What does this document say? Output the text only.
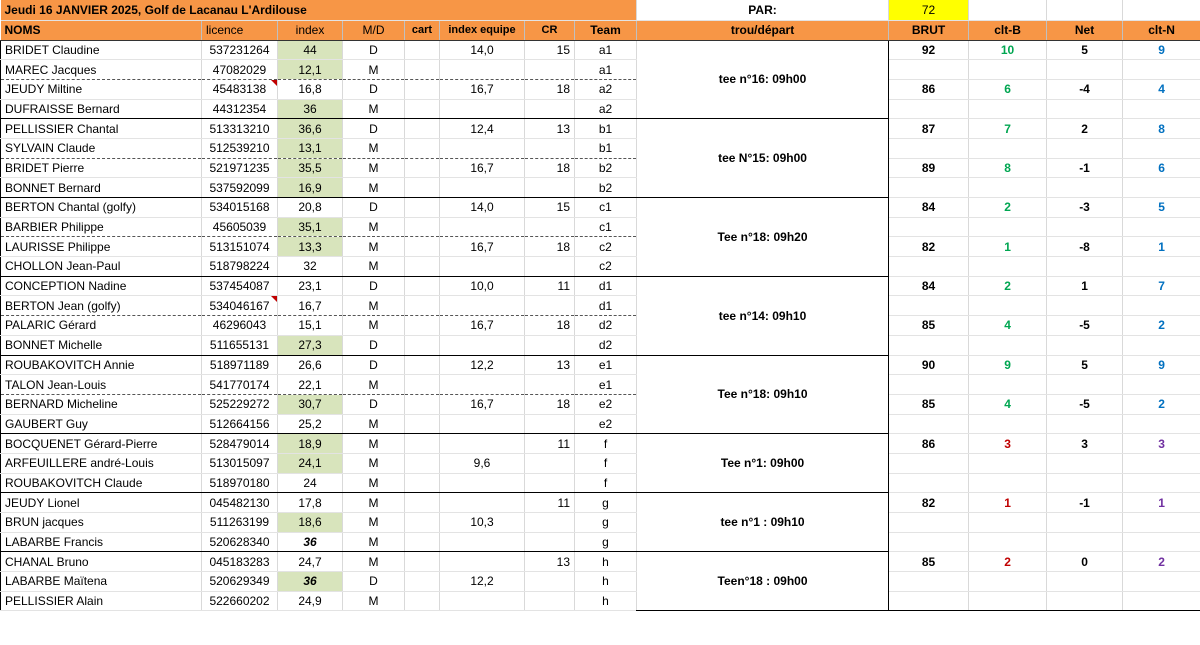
Jeudi 16 JANVIER 2025, Golf de Lacanau L'Ardilouse								PAR:	72			
NOMS	licence	index	M/D	cart	index equipe	CR	Team	trou/départ	BRUT	clt-B	Net	clt-N
BRIDET Claudine	537231264	44	D		14,0	15	a1	tee n°16: 09h00	92	10	5	9
MAREC Jacques	47082029	12,1	M				a1					
JEUDY Miltine	45483138	16,8	D		16,7	18	a2		86	6	-4	4
DUFRAISSE Bernard	44312354	36	M				a2					
PELLISSIER Chantal	513313210	36,6	D		12,4	13	b1	tee N°15: 09h00	87	7	2	8
SYLVAIN Claude	512539210	13,1	M				b1					
BRIDET Pierre	521971235	35,5	M		16,7	18	b2		89	8	-1	6
BONNET Bernard	537592099	16,9	M				b2					
BERTON Chantal (golfy)	534015168	20,8	D		14,0	15	c1	Tee n°18: 09h20	84	2	-3	5
BARBIER Philippe	45605039	35,1	M				c1					
LAURISSE Philippe	513151074	13,3	M		16,7	18	c2		82	1	-8	1
CHOLLON Jean-Paul	518798224	32	M				c2					
CONCEPTION Nadine	537454087	23,1	D		10,0	11	d1	tee n°14: 09h10	84	2	1	7
BERTON Jean (golfy)	534046167	16,7	M				d1					
PALARIC Gérard	46296043	15,1	M		16,7	18	d2		85	4	-5	2
BONNET Michelle	511655131	27,3	D				d2					
ROUBAKOVITCH Annie	518971189	26,6	D		12,2	13	e1	Tee n°18: 09h10	90	9	5	9
TALON Jean-Louis	541770174	22,1	M				e1					
BERNARD Micheline	525229272	30,7	D		16,7	18	e2		85	4	-5	2
GAUBERT Guy	512664156	25,2	M				e2					
BOCQUENET Gérard-Pierre	528479014	18,9	M			11	f	Tee n°1: 09h00	86	3	3	3
ARFEUILLERE andré-Louis	513015097	24,1	M		9,6		f					
ROUBAKOVITCH Claude	518970180	24	M				f					
JEUDY Lionel	045482130	17,8	M			11	g	tee n°1 : 09h10	82	1	-1	1
BRUN jacques	511263199	18,6	M		10,3		g					
LABARBE Francis	520628340	36	M				g					
CHANAL Bruno	045183283	24,7	M			13	h	Teen°18 : 09h00	85	2	0	2
LABARBE Maïtena	520629349	36	D		12,2		h					
PELLISSIER Alain	522660202	24,9	M				h					
